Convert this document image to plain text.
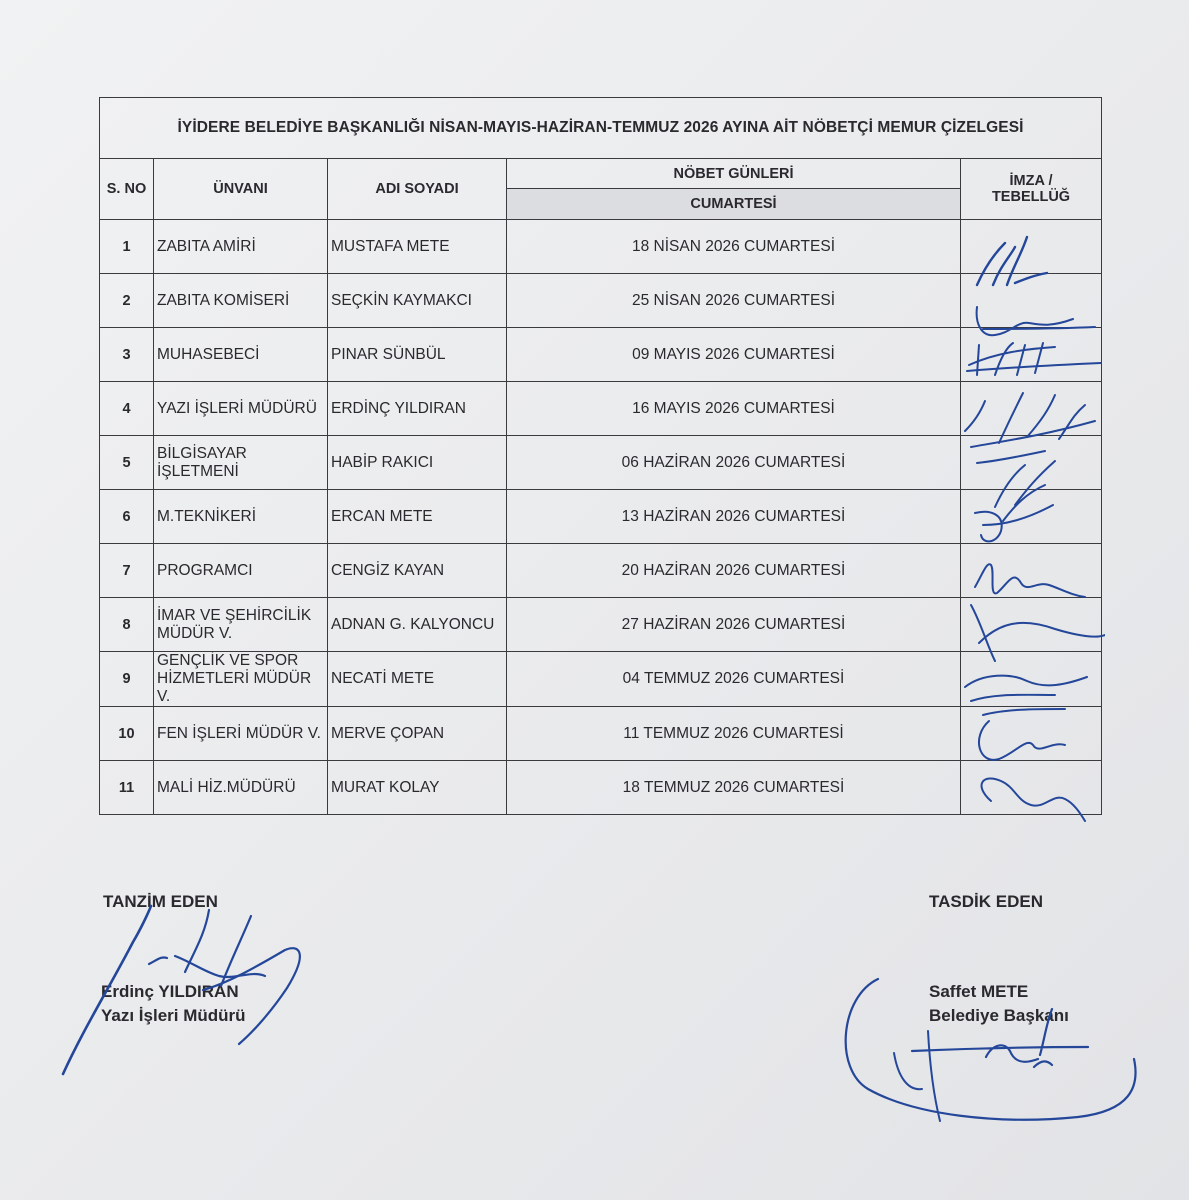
İYİDERE BELEDİYE BAŞKANLIĞI NİSAN-MAYIS-HAZİRAN-TEMMUZ 2026 AYINA AİT NÖBETÇİ MEMUR ÇİZELGESİ				
S. NO	ÜNVANI	ADI SOYADI	NÖBET GÜNLERİ	İMZA /
TEBELLÜĞ
			CUMARTESİ	
1	ZABITA AMİRİ	MUSTAFA METE	18 NİSAN 2026 CUMARTESİ	
2	ZABITA KOMİSERİ	SEÇKİN KAYMAKCI	25 NİSAN 2026 CUMARTESİ	
3	MUHASEBECİ	PINAR SÜNBÜL	09 MAYIS 2026 CUMARTESİ	
4	YAZI İŞLERİ MÜDÜRÜ	ERDİNÇ YILDIRAN	16 MAYIS 2026 CUMARTESİ	
5	BİLGİSAYAR İŞLETMENİ	HABİP RAKICI	06 HAZİRAN 2026 CUMARTESİ	
6	M.TEKNİKERİ	ERCAN METE	13 HAZİRAN 2026 CUMARTESİ	
7	PROGRAMCI	CENGİZ KAYAN	20 HAZİRAN 2026 CUMARTESİ	
8	İMAR VE ŞEHİRCİLİK MÜDÜR V.	ADNAN G. KALYONCU	27 HAZİRAN 2026 CUMARTESİ	
9	GENÇLİK VE SPOR HİZMETLERİ MÜDÜR V.	NECATİ METE	04 TEMMUZ 2026 CUMARTESİ	
10	FEN İŞLERİ MÜDÜR V.	MERVE ÇOPAN	11 TEMMUZ 2026 CUMARTESİ	
11	MALİ HİZ.MÜDÜRÜ	MURAT KOLAY	18 TEMMUZ 2026 CUMARTESİ	
TANZİM EDEN
Erdinç YILDIRAN
Yazı İşleri Müdürü
TASDİK EDEN
Saffet METE
Belediye Başkanı
